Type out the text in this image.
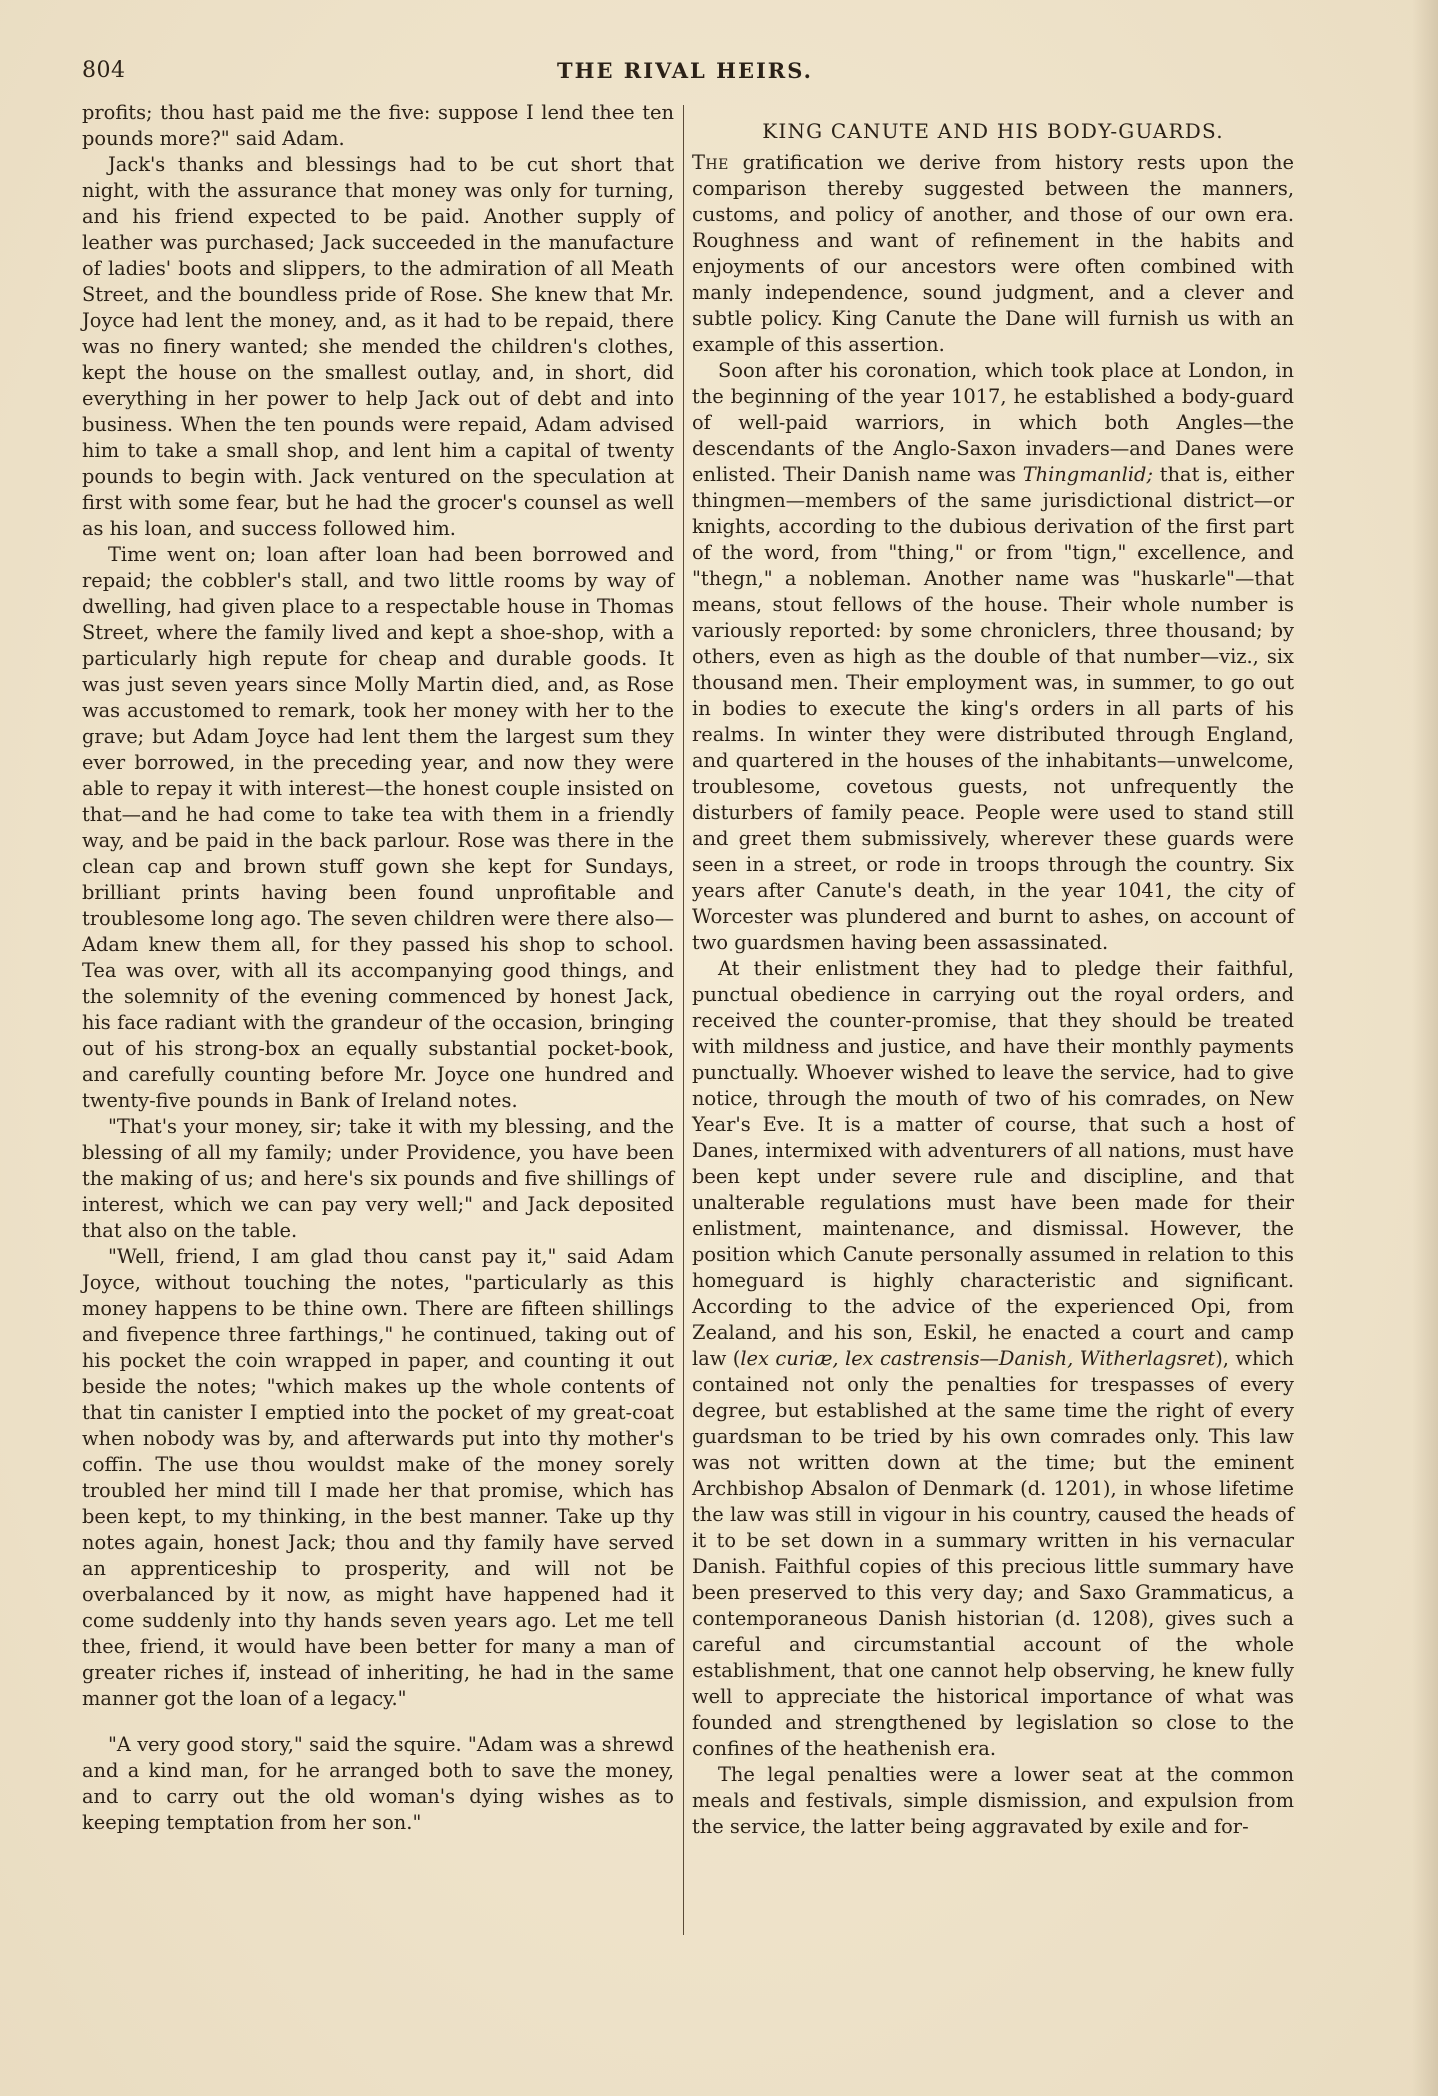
804	THE RIVAL HEIRS.

profits; thou hast paid me the five: suppose I lend thee ten pounds more?" said Adam.

Jack's thanks and blessings had to be cut short that night, with the assurance that money was only for turning, and his friend expected to be paid. Another supply of leather was purchased; Jack succeeded in the manufacture of ladies' boots and slippers, to the admiration of all Meath Street, and the boundless pride of Rose. She knew that Mr. Joyce had lent the money, and, as it had to be repaid, there was no finery wanted; she mended the children's clothes, kept the house on the smallest outlay, and, in short, did everything in her power to help Jack out of debt and into business. When the ten pounds were repaid, Adam advised him to take a small shop, and lent him a capital of twenty pounds to begin with. Jack ventured on the speculation at first with some fear, but he had the grocer's counsel as well as his loan, and success followed him.

Time went on; loan after loan had been borrowed and repaid; the cobbler's stall, and two little rooms by way of dwelling, had given place to a respectable house in Thomas Street, where the family lived and kept a shoe-shop, with a particularly high repute for cheap and durable goods. It was just seven years since Molly Martin died, and, as Rose was accustomed to remark, took her money with her to the grave; but Adam Joyce had lent them the largest sum they ever borrowed, in the preceding year, and now they were able to repay it with interest—the honest couple insisted on that—and he had come to take tea with them in a friendly way, and be paid in the back parlour. Rose was there in the clean cap and brown stuff gown she kept for Sundays, brilliant prints having been found unprofitable and troublesome long ago. The seven children were there also—Adam knew them all, for they passed his shop to school. Tea was over, with all its accompanying good things, and the solemnity of the evening commenced by honest Jack, his face radiant with the grandeur of the occasion, bringing out of his strong-box an equally substantial pocket-book, and carefully counting before Mr. Joyce one hundred and twenty-five pounds in Bank of Ireland notes.

"That's your money, sir; take it with my blessing, and the blessing of all my family; under Providence, you have been the making of us; and here's six pounds and five shillings of interest, which we can pay very well;" and Jack deposited that also on the table.

"Well, friend, I am glad thou canst pay it," said Adam Joyce, without touching the notes, "particularly as this money happens to be thine own. There are fifteen shillings and fivepence three farthings," he continued, taking out of his pocket the coin wrapped in paper, and counting it out beside the notes; "which makes up the whole contents of that tin canister I emptied into the pocket of my great-coat when nobody was by, and afterwards put into thy mother's coffin. The use thou wouldst make of the money sorely troubled her mind till I made her that promise, which has been kept, to my thinking, in the best manner. Take up thy notes again, honest Jack; thou and thy family have served an apprenticeship to prosperity, and will not be overbalanced by it now, as might have happened had it come suddenly into thy hands seven years ago. Let me tell thee, friend, it would have been better for many a man of greater riches if, instead of inheriting, he had in the same manner got the loan of a legacy."

"A very good story," said the squire. "Adam was a shrewd and a kind man, for he arranged both to save the money, and to carry out the old woman's dying wishes as to keeping temptation from her son."

KING CANUTE AND HIS BODY-GUARDS.

The gratification we derive from history rests upon the comparison thereby suggested between the manners, customs, and policy of another, and those of our own era. Roughness and want of refinement in the habits and enjoyments of our ancestors were often combined with manly independence, sound judgment, and a clever and subtle policy. King Canute the Dane will furnish us with an example of this assertion.

Soon after his coronation, which took place at London, in the beginning of the year 1017, he established a body-guard of well-paid warriors, in which both Angles—the descendants of the Anglo-Saxon invaders—and Danes were enlisted. Their Danish name was Thingmanlid; that is, either thingmen—members of the same jurisdictional district—or knights, according to the dubious derivation of the first part of the word, from "thing," or from "tign," excellence, and "thegn," a nobleman. Another name was "huskarle"—that means, stout fellows of the house. Their whole number is variously reported: by some chroniclers, three thousand; by others, even as high as the double of that number—viz., six thousand men. Their employment was, in summer, to go out in bodies to execute the king's orders in all parts of his realms. In winter they were distributed through England, and quartered in the houses of the inhabitants—unwelcome, troublesome, covetous guests, not unfrequently the disturbers of family peace. People were used to stand still and greet them submissively, wherever these guards were seen in a street, or rode in troops through the country. Six years after Canute's death, in the year 1041, the city of Worcester was plundered and burnt to ashes, on account of two guardsmen having been assassinated.

At their enlistment they had to pledge their faithful, punctual obedience in carrying out the royal orders, and received the counter-promise, that they should be treated with mildness and justice, and have their monthly payments punctually. Whoever wished to leave the service, had to give notice, through the mouth of two of his comrades, on New Year's Eve. It is a matter of course, that such a host of Danes, intermixed with adventurers of all nations, must have been kept under severe rule and discipline, and that unalterable regulations must have been made for their enlistment, maintenance, and dismissal. However, the position which Canute personally assumed in relation to this homeguard is highly characteristic and significant. According to the advice of the experienced Opi, from Zealand, and his son, Eskil, he enacted a court and camp law (lex curiæ, lex castrensis—Danish, Witherlagsret), which contained not only the penalties for trespasses of every degree, but established at the same time the right of every guardsman to be tried by his own comrades only. This law was not written down at the time; but the eminent Archbishop Absalon of Denmark (d. 1201), in whose lifetime the law was still in vigour in his country, caused the heads of it to be set down in a summary written in his vernacular Danish. Faithful copies of this precious little summary have been preserved to this very day; and Saxo Grammaticus, a contemporaneous Danish historian (d. 1208), gives such a careful and circumstantial account of the whole establishment, that one cannot help observing, he knew fully well to appreciate the historical importance of what was founded and strengthened by legislation so close to the confines of the heathenish era.

The legal penalties were a lower seat at the common meals and festivals, simple dismission, and expulsion from the service, the latter being aggravated by exile and for-
